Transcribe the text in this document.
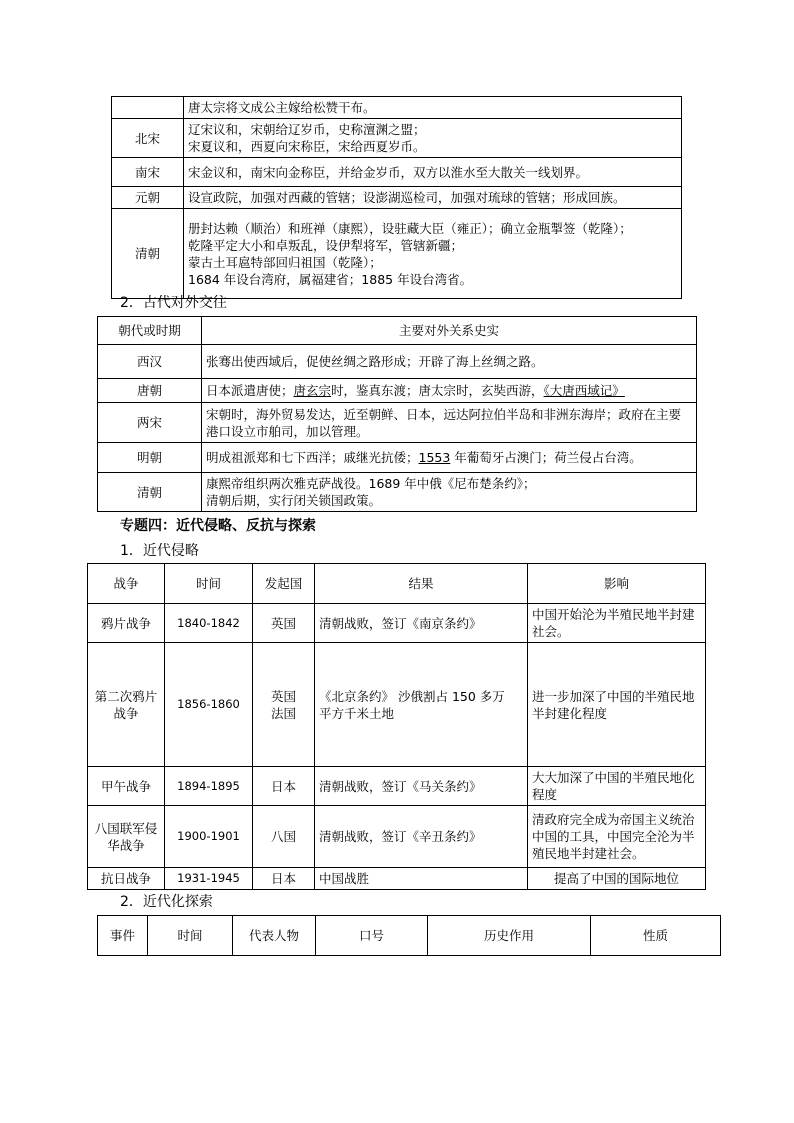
	唐太宗将文成公主嫁给松赞干布。
北宋	辽宋议和，宋朝给辽岁币，史称澶渊之盟；
宋夏议和，西夏向宋称臣，宋给西夏岁币。

南宋	宋金议和，南宋向金称臣，并给金岁币，双方以淮水至大散关一线划界。
元朝	设宣政院，加强对西藏的管辖；设澎湖巡检司，加强对琉球的管辖；形成回族。
清朝	册封达赖（顺治）和班禅（康熙），设驻藏大臣（雍正）；确立金瓶掣签（乾隆）；
乾隆平定大小和卓叛乱，设伊犁将军，管辖新疆；
蒙古土耳扈特部回归祖国（乾隆）；
1684 年设台湾府，属福建省；1885 年设台湾省。
2．古代对外交往
朝代或时期	主要对外关系史实
西汉	张骞出使西域后，促使丝绸之路形成；开辟了海上丝绸之路。
唐朝	日本派遣唐使；唐玄宗时，鉴真东渡；唐太宗时，玄奘西游，《大唐西域记》
两宋	宋朝时，海外贸易发达，近至朝鲜、日本，远达阿拉伯半岛和非洲东海岸；政府在主要港口设立市舶司，加以管理。
明朝	明成祖派郑和七下西洋；戚继光抗倭；1553 年葡萄牙占澳门；荷兰侵占台湾。
清朝	康熙帝组织两次雅克萨战役。1689 年中俄《尼布楚条约》；
清朝后期，实行闭关锁国政策。
专题四：近代侵略、反抗与探索
1．近代侵略
战争	时间	发起国	结果	影响
鸦片战争	1840-1842	英国	清朝战败，签订《南京条约》	中国开始沦为半殖民地半封建社会。
第二次鸦片战争	1856-1860	英国 法国	《北京条约》 沙俄割占 150 多万平方千米土地	进一步加深了中国的半殖民地半封建化程度
甲午战争	1894-1895	日本	清朝战败，签订《马关条约》	大大加深了中国的半殖民地化程度
八国联军侵华战争	1900-1901	八国	清朝战败，签订《辛丑条约》	清政府完全成为帝国主义统治中国的工具，中国完全沦为半殖民地半封建社会。
抗日战争	1931-1945	日本	中国战胜	提高了中国的国际地位
2．近代化探索
事件	时间	代表人物	口号	历史作用	性质
